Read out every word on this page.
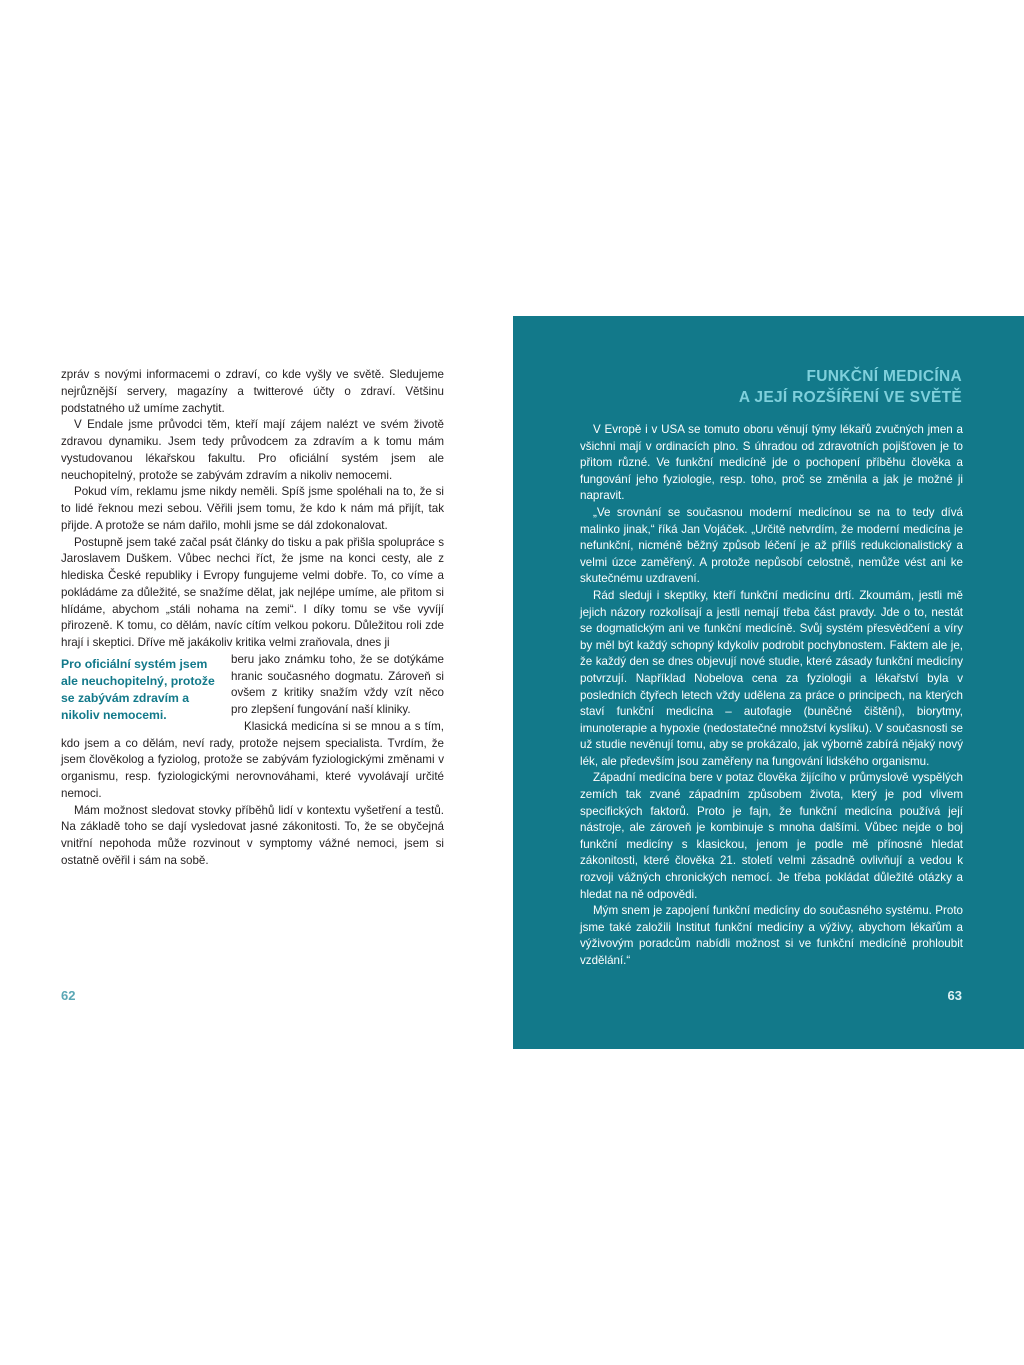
zpráv s novými informacemi o zdraví, co kde vyšly ve světě. Sledujeme nejrůznější servery, magazíny a twitterové účty o zdraví. Většinu podstatného už umíme zachytit.

V Endale jsme průvodci těm, kteří mají zájem nalézt ve svém životě zdravou dynamiku. Jsem tedy průvodcem za zdravím a k tomu mám vystudovanou lékařskou fakultu. Pro oficiální systém jsem ale neuchopitelný, protože se zabývám zdravím a nikoliv nemocemi.

Pokud vím, reklamu jsme nikdy neměli. Spíš jsme spoléhali na to, že si to lidé řeknou mezi sebou. Věřili jsem tomu, že kdo k nám má přijít, tak přijde. A protože se nám dařilo, mohli jsme se dál zdokonalovat.

Postupně jsem také začal psát články do tisku a pak přišla spolupráce s Jaroslavem Duškem. Vůbec nechci říct, že jsme na konci cesty, ale z hlediska České republiky i Evropy fungujeme velmi dobře. To, co víme a pokládáme za důležité, se snažíme dělat, jak nejlépe umíme, ale přitom si hlídáme, abychom „stáli nohama na zemi“. I díky tomu se vše vyvíjí přirozeně. K tomu, co dělám, navíc cítím velkou pokoru. Důležitou roli zde hrají i skeptici. Dříve mě jakákoliv kritika velmi zraňovala, dnes ji

Pro oficiální systém jsem ale neuchopitelný, protože se zabývám zdravím a nikoliv nemocemi.

beru jako známku toho, že se dotýkáme hranic současného dogmatu. Zároveň si ovšem z kritiky snažím vždy vzít něco pro zlepšení fungování naší kliniky.

Klasická medicína si se mnou a s tím, kdo jsem a co dělám, neví rady, protože nejsem specialista. Tvrdím, že jsem člověkolog a fyziolog, protože se zabývám fyziologickými změnami v organismu, resp. fyziologickými nerovnováhami, které vyvolávají určité nemoci.

Mám možnost sledovat stovky příběhů lidí v kontextu vyšetření a testů. Na základě toho se dají vysledovat jasné zákonitosti. To, že se obyčejná vnitřní nepohoda může rozvinout v symptomy vážné nemoci, jsem si ostatně ověřil i sám na sobě.

62
FUNKČNÍ MEDICÍNA
A JEJÍ ROZŠÍŘENÍ VE SVĚTĚ

V Evropě i v USA se tomuto oboru věnují týmy lékařů zvučných jmen a všichni mají v ordinacích plno. S úhradou od zdravotních pojišťoven je to přitom různé. Ve funkční medicíně jde o pochopení příběhu člověka a fungování jeho fyziologie, resp. toho, proč se změnila a jak je možné ji napravit.

„Ve srovnání se současnou moderní medicínou se na to tedy dívá malinko jinak,“ říká Jan Vojáček. „Určitě netvrdím, že moderní medicína je nefunkční, nicméně běžný způsob léčení je až příliš redukcionalistický a velmi úzce zaměřený. A protože nepůsobí celostně, nemůže vést ani ke skutečnému uzdravení.

Rád sleduji i skeptiky, kteří funkční medicínu drtí. Zkoumám, jestli mě jejich názory rozkolísají a jestli nemají třeba část pravdy. Jde o to, nestát se dogmatickým ani ve funkční medicíně. Svůj systém přesvědčení a víry by měl být každý schopný kdykoliv podrobit pochybnostem. Faktem ale je, že každý den se dnes objevují nové studie, které zásady funkční medicíny potvrzují. Například Nobelova cena za fyziologii a lékařství byla v posledních čtyřech letech vždy udělena za práce o principech, na kterých staví funkční medicína – autofagie (buněčné čištění), biorytmy, imunoterapie a hypoxie (nedostatečné množství kyslíku). V současnosti se už studie nevěnují tomu, aby se prokázalo, jak výborně zabírá nějaký nový lék, ale především jsou zaměřeny na fungování lidského organismu.

Západní medicína bere v potaz člověka žijícího v průmyslově vyspělých zemích tak zvané západním způsobem života, který je pod vlivem specifických faktorů. Proto je fajn, že funkční medicína používá její nástroje, ale zároveň je kombinuje s mnoha dalšími. Vůbec nejde o boj funkční medicíny s klasickou, jenom je podle mě přínosné hledat zákonitosti, které člověka 21. století velmi zásadně ovlivňují a vedou k rozvoji vážných chronických nemocí. Je třeba pokládat důležité otázky a hledat na ně odpovědi.

Mým snem je zapojení funkční medicíny do současného systému. Proto jsme také založili Institut funkční medicíny a výživy, abychom lékařům a výživovým poradcům nabídli možnost si ve funkční medicíně prohloubit vzdělání.“

63
